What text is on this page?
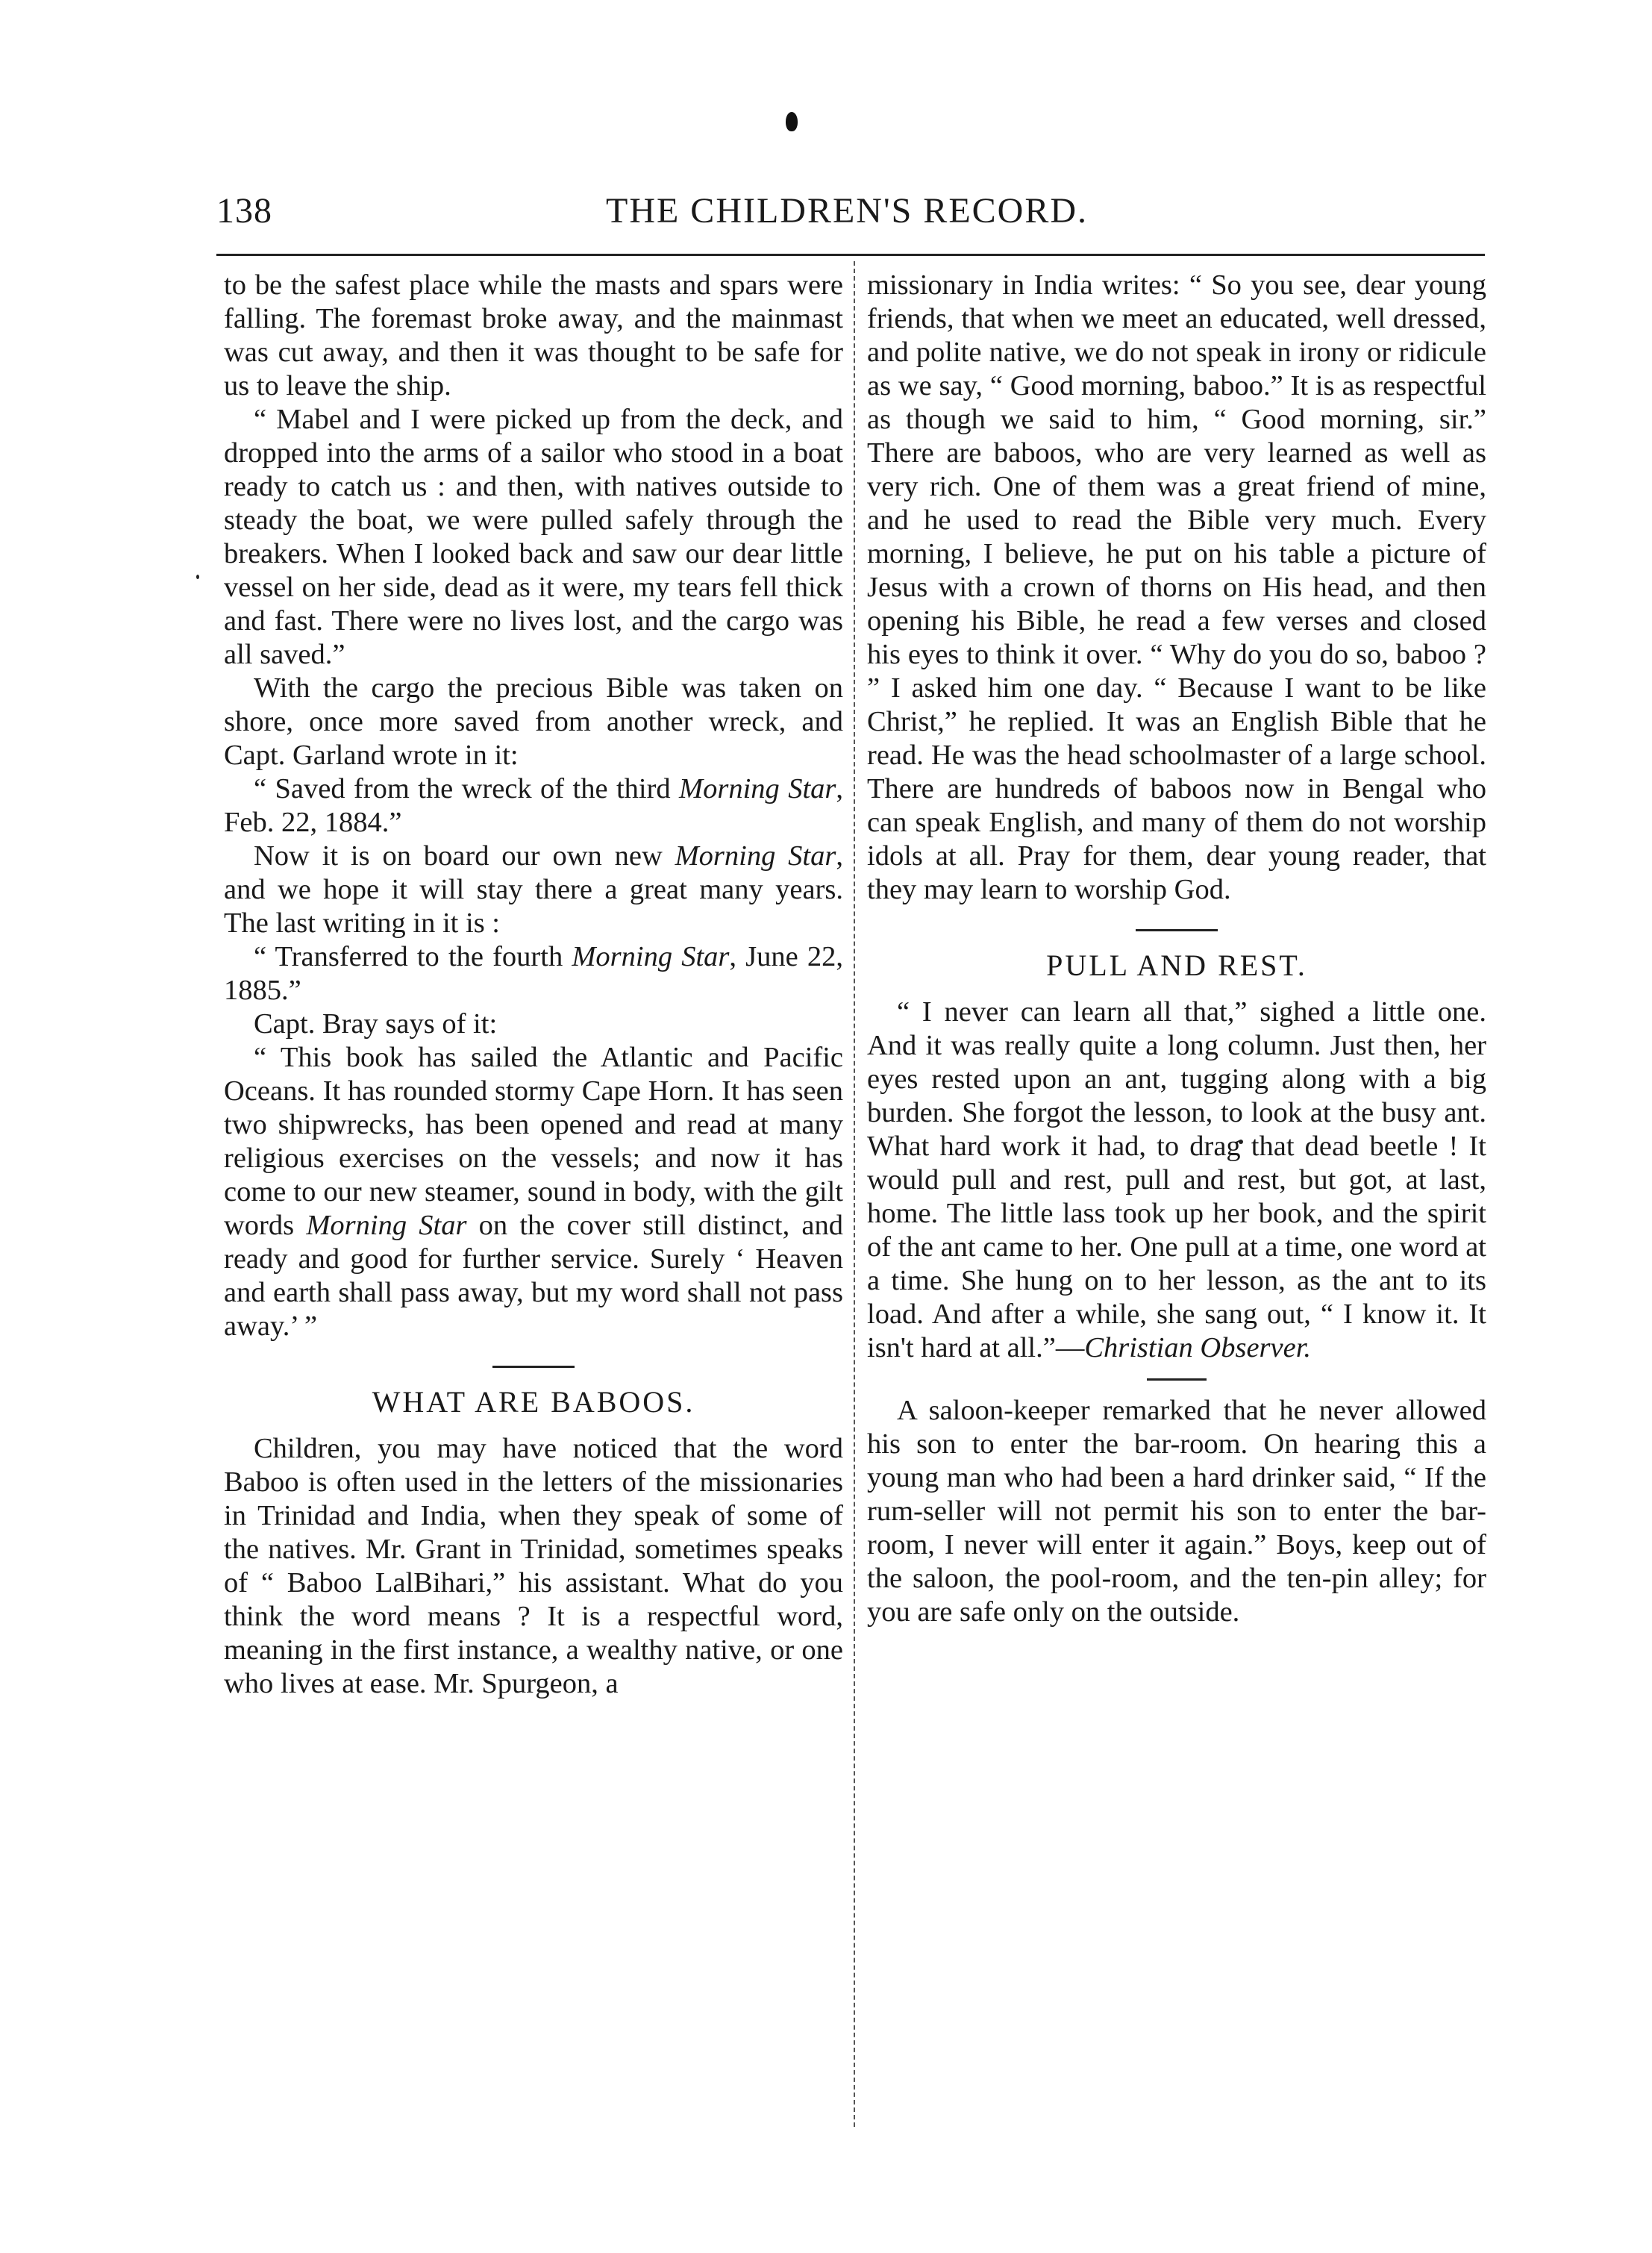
138	THE CHILDREN'S RECORD.

to be the safest place while the masts and spars were falling. The foremast broke away, and the mainmast was cut away, and then it was thought to be safe for us to leave the ship.

“ Mabel and I were picked up from the deck, and dropped into the arms of a sailor who stood in a boat ready to catch us : and then, with natives outside to steady the boat, we were pulled safely through the breakers. When I looked back and saw our dear little vessel on her side, dead as it were, my tears fell thick and fast. There were no lives lost, and the cargo was all saved.”

With the cargo the precious Bible was taken on shore, once more saved from another wreck, and Capt. Garland wrote in it:

“ Saved from the wreck of the third Morning Star, Feb. 22, 1884.”

Now it is on board our own new Morning Star, and we hope it will stay there a great many years. The last writing in it is :

“ Transferred to the fourth Morning Star, June 22, 1885.”

Capt. Bray says of it:

“ This book has sailed the Atlantic and Pacific Oceans. It has rounded stormy Cape Horn. It has seen two shipwrecks, has been opened and read at many religious exercises on the vessels; and now it has come to our new steamer, sound in body, with the gilt words Morning Star on the cover still distinct, and ready and good for further service. Surely ‘ Heaven and earth shall pass away, but my word shall not pass away.’ ”

WHAT ARE BABOOS.

Children, you may have noticed that the word Baboo is often used in the letters of the missionaries in Trinidad and India, when they speak of some of the natives. Mr. Grant in Trinidad, sometimes speaks of “ Baboo LalBihari,” his assistant. What do you think the word means ? It is a respectful word, meaning in the first instance, a wealthy native, or one who lives at ease. Mr. Spurgeon, a

missionary in India writes: “ So you see, dear young friends, that when we meet an educated, well dressed, and polite native, we do not speak in irony or ridicule as we say, “ Good morning, baboo.” It is as respectful as though we said to him, “ Good morning, sir.” There are baboos, who are very learned as well as very rich. One of them was a great friend of mine, and he used to read the Bible very much. Every morning, I believe, he put on his table a picture of Jesus with a crown of thorns on His head, and then opening his Bible, he read a few verses and closed his eyes to think it over. “ Why do you do so, baboo ? ” I asked him one day. “ Because I want to be like Christ,” he replied. It was an English Bible that he read. He was the head schoolmaster of a large school. There are hundreds of baboos now in Bengal who can speak English, and many of them do not worship idols at all. Pray for them, dear young reader, that they may learn to worship God.

PULL AND REST.

“ I never can learn all that,” sighed a little one. And it was really quite a long column. Just then, her eyes rested upon an ant, tugging along with a big burden. She forgot the lesson, to look at the busy ant. What hard work it had, to drag that dead beetle ! It would pull and rest, pull and rest, but got, at last, home. The little lass took up her book, and the spirit of the ant came to her. One pull at a time, one word at a time. She hung on to her lesson, as the ant to its load. And after a while, she sang out, “ I know it. It isn't hard at all.”—Christian Observer.

A saloon-keeper remarked that he never allowed his son to enter the bar-room. On hearing this a young man who had been a hard drinker said, “ If the rum-seller will not permit his son to enter the bar-room, I never will enter it again.” Boys, keep out of the saloon, the pool-room, and the ten-pin alley; for you are safe only on the outside.
